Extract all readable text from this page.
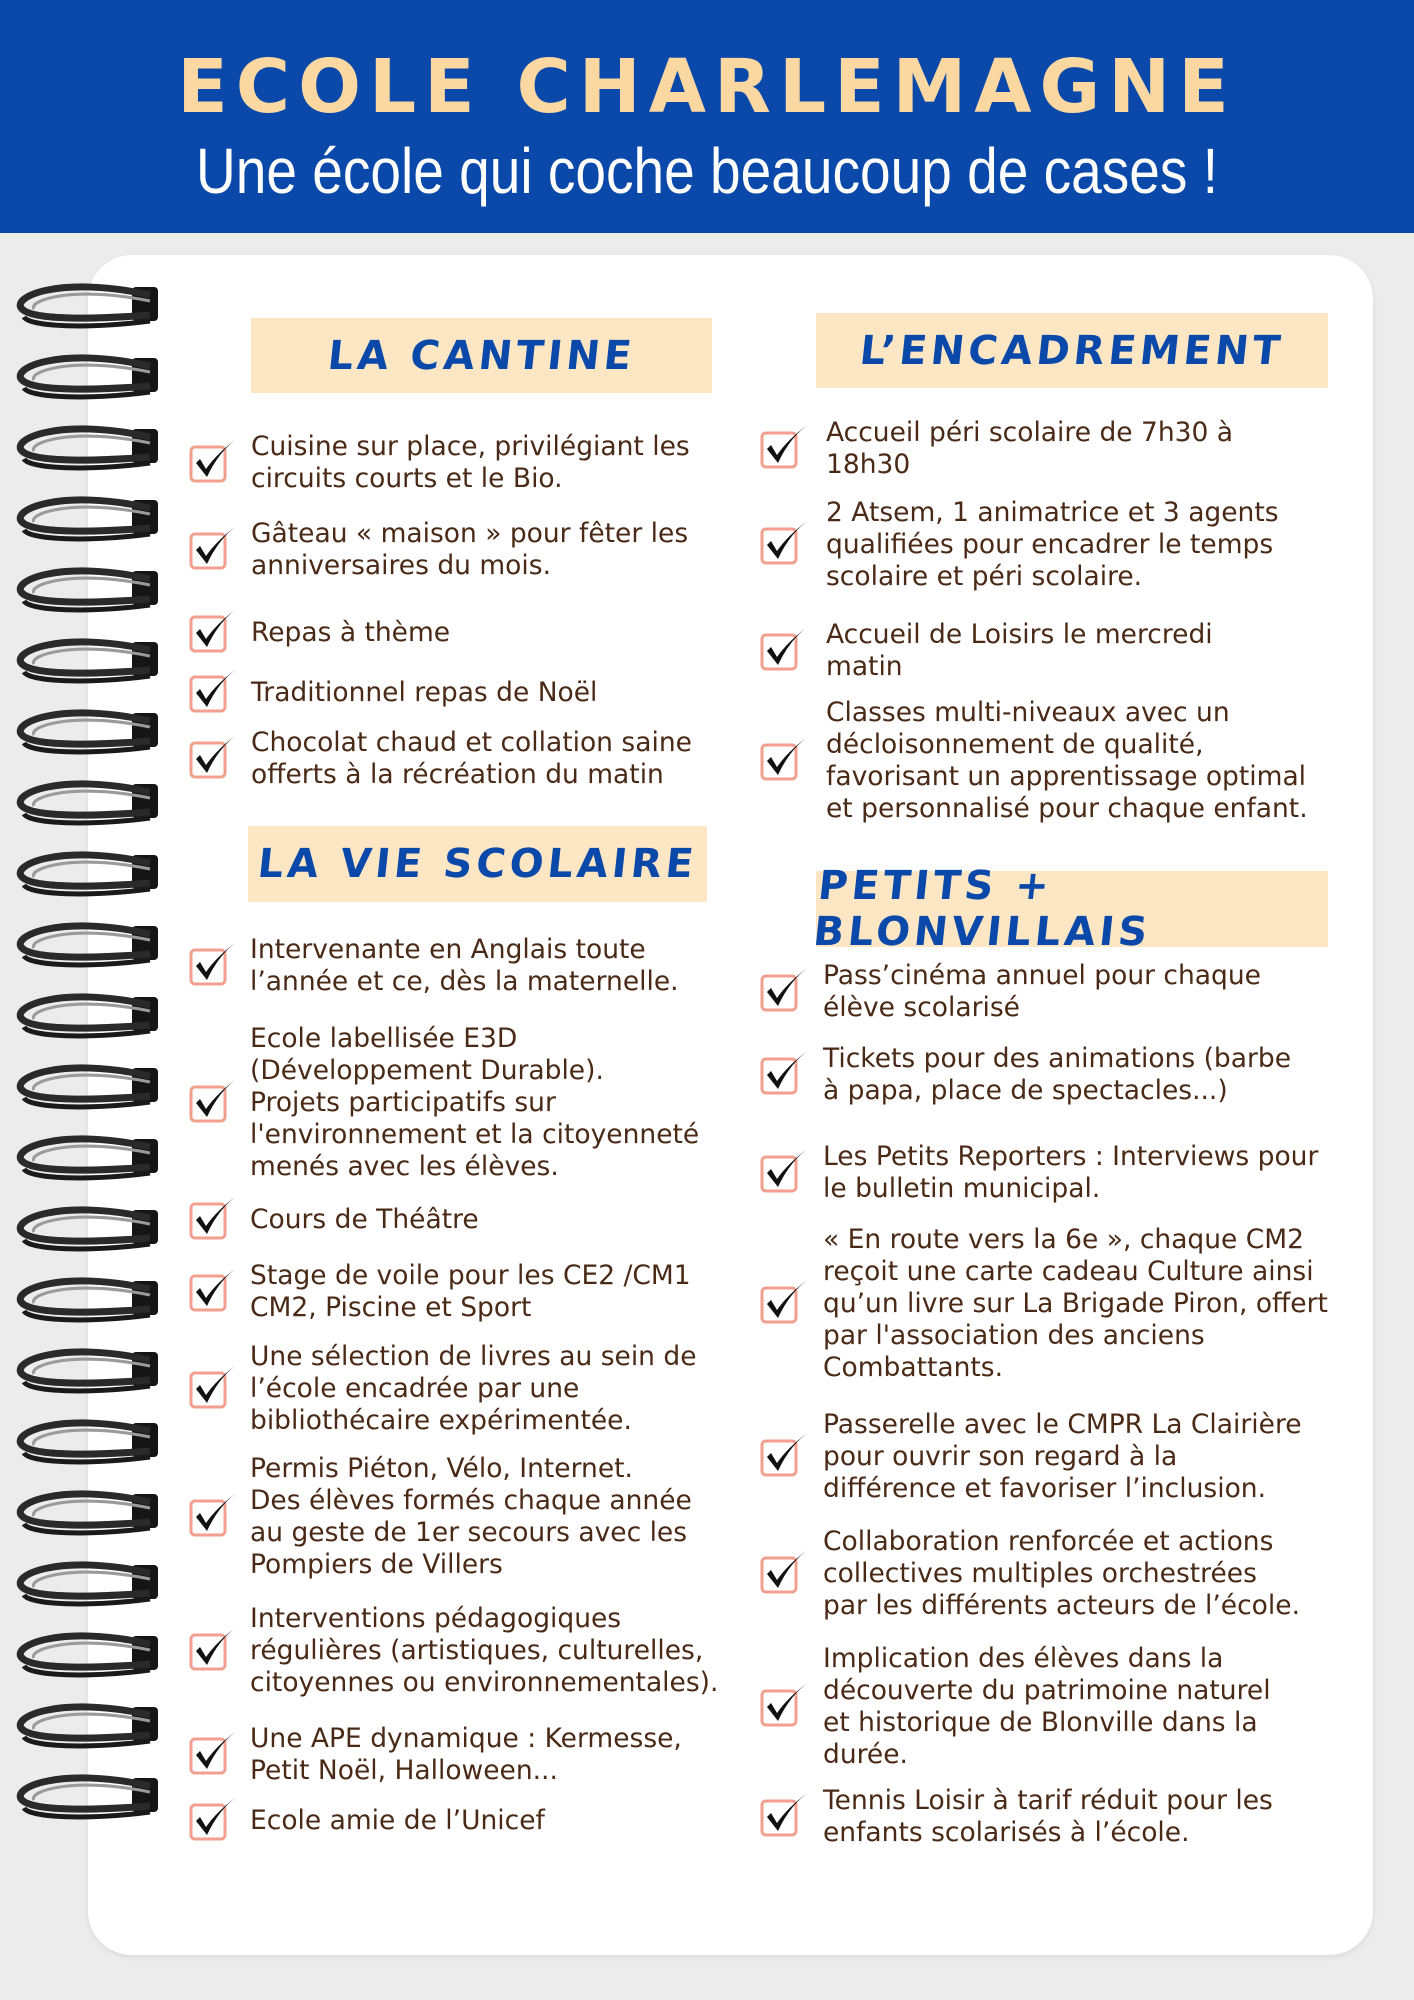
ECOLE CHARLEMAGNE
Une école qui coche beaucoup de cases !
LA CANTINE	L’ENCADREMENT
LA VIE SCOLAIRE	PETITS + BLONVILLAIS
Cuisine sur place, privilégiant les
circuits courts et le Bio.
Gâteau « maison » pour fêter les
anniversaires du mois.
Repas à thème
Traditionnel repas de Noël
Chocolat chaud et collation saine
offerts à la récréation du matin
Intervenante en Anglais toute
l’année et ce, dès la maternelle.
Ecole labellisée E3D
(Développement Durable).
Projets participatifs sur
l'environnement et la citoyenneté
menés avec les élèves.
Cours de Théâtre
Stage de voile pour les CE2 /CM1
CM2, Piscine et Sport
Une sélection de livres au sein de
l’école encadrée par une
bibliothécaire expérimentée.
Permis Piéton, Vélo, Internet.
Des élèves formés chaque année
au geste de 1er secours avec les
Pompiers de Villers
Interventions pédagogiques
régulières (artistiques, culturelles,
citoyennes ou environnementales).
Une APE dynamique : Kermesse,
Petit Noël, Halloween...
Ecole amie de l’Unicef
Accueil péri scolaire de 7h30 à
18h30
2 Atsem, 1 animatrice et 3 agents
qualifiées pour encadrer le temps
scolaire et péri scolaire.
Accueil de Loisirs le mercredi
matin
Classes multi-niveaux avec un
décloisonnement de qualité,
favorisant un apprentissage optimal
et personnalisé pour chaque enfant.
Pass’cinéma annuel pour chaque
élève scolarisé
Tickets pour des animations (barbe
à papa, place de spectacles...)
Les Petits Reporters : Interviews pour
le bulletin municipal.
« En route vers la 6e », chaque CM2
reçoit une carte cadeau Culture ainsi
qu’un livre sur La Brigade Piron, offert
par l'association des anciens
Combattants.
Passerelle avec le CMPR La Clairière
pour ouvrir son regard à la
différence et favoriser l’inclusion.
Collaboration renforcée et actions
collectives multiples orchestrées
par les différents acteurs de l’école.
Implication des élèves dans la
découverte du patrimoine naturel
et historique de Blonville dans la
durée.
Tennis Loisir à tarif réduit pour les
enfants scolarisés à l’école.
